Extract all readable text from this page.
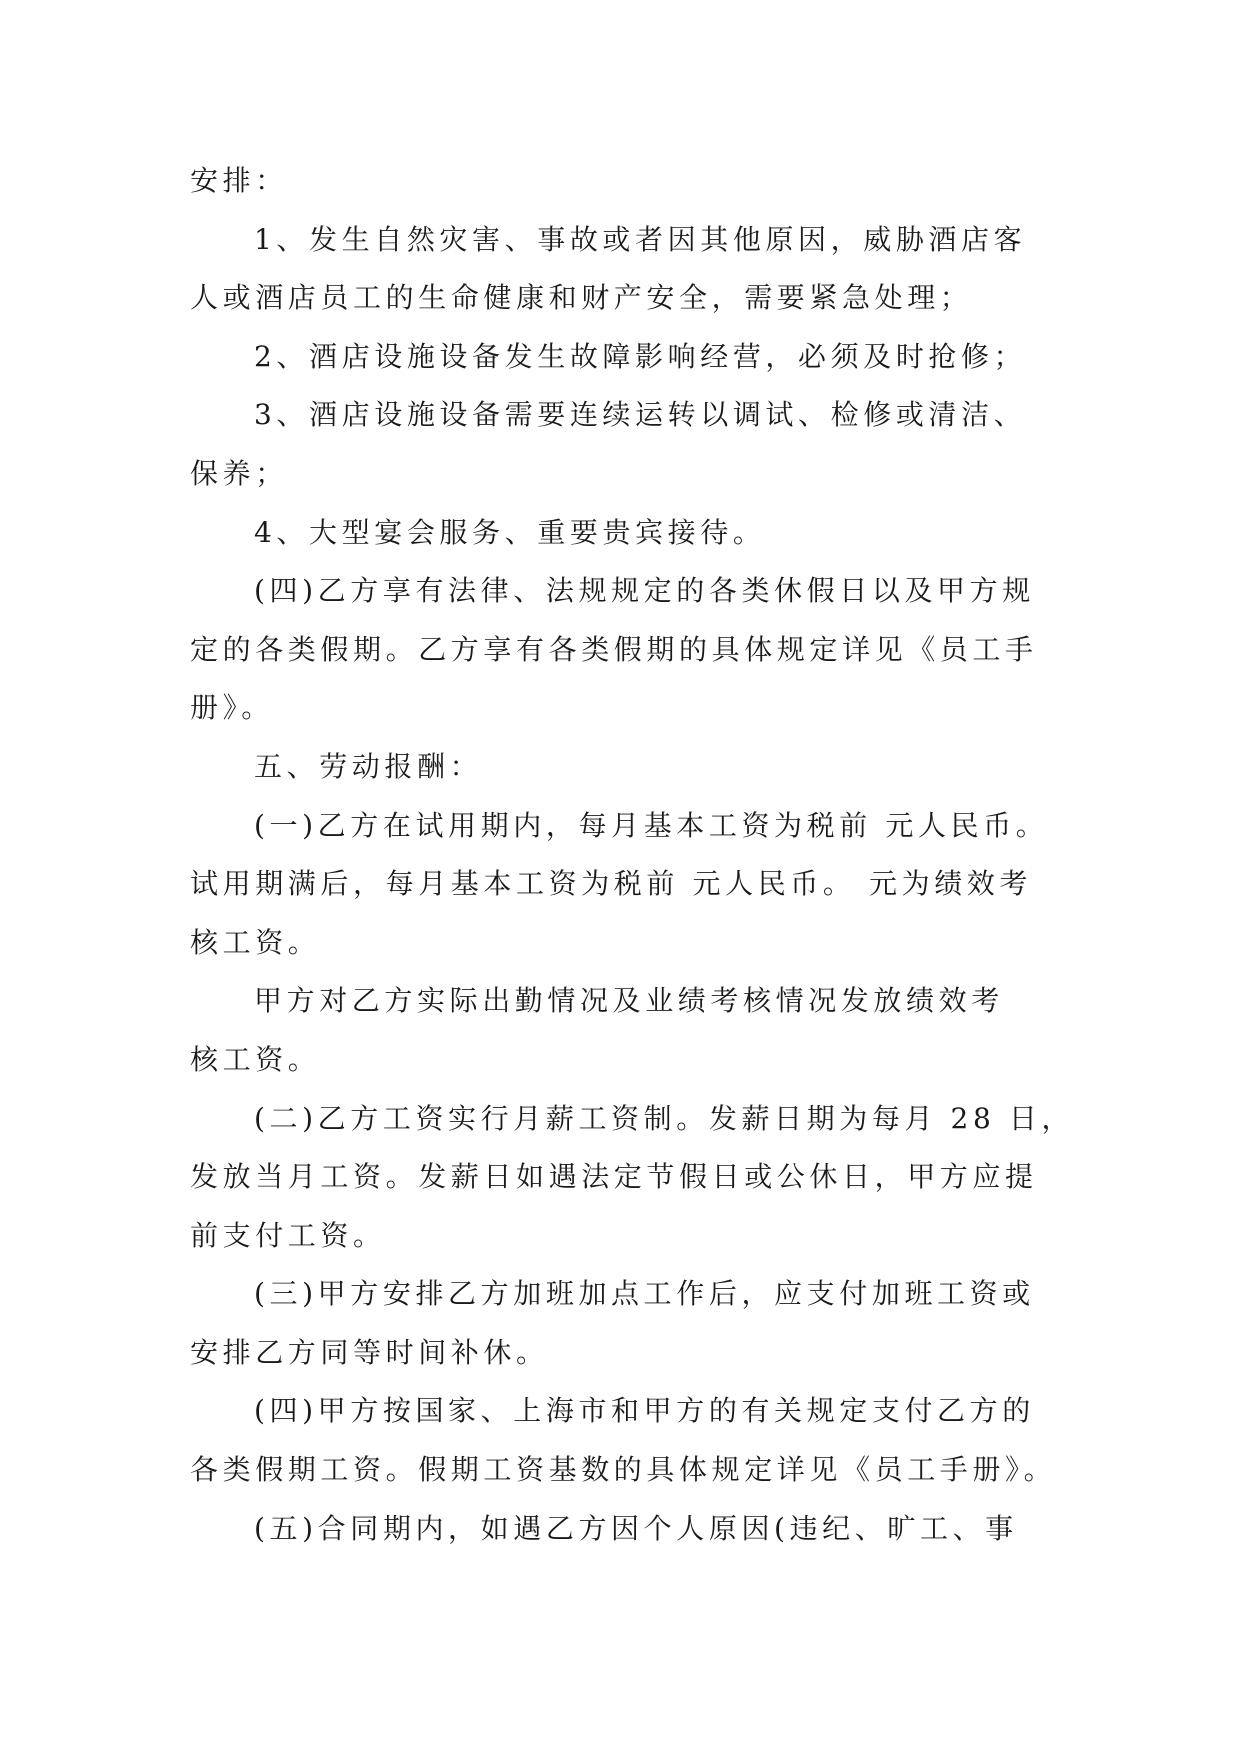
安排：
1、发生自然灾害、事故或者因其他原因，威胁酒店客
人或酒店员工的生命健康和财产安全，需要紧急处理；
2、酒店设施设备发生故障影响经营，必须及时抢修；
3、酒店设施设备需要连续运转以调试、检修或清洁、
保养；
4、大型宴会服务、重要贵宾接待。
(四)乙方享有法律、法规规定的各类休假日以及甲方规
定的各类假期。乙方享有各类假期的具体规定详见《员工手
册》。
五、劳动报酬：
(一)乙方在试用期内，每月基本工资为税前 元人民币。
试用期满后，每月基本工资为税前 元人民币。 元为绩效考
核工资。
甲方对乙方实际出勤情况及业绩考核情况发放绩效考
核工资。
(二)乙方工资实行月薪工资制。发薪日期为每月 28 日，
发放当月工资。发薪日如遇法定节假日或公休日，甲方应提
前支付工资。
(三)甲方安排乙方加班加点工作后，应支付加班工资或
安排乙方同等时间补休。
(四)甲方按国家、上海市和甲方的有关规定支付乙方的
各类假期工资。假期工资基数的具体规定详见《员工手册》。
(五)合同期内，如遇乙方因个人原因(违纪、旷工、事
